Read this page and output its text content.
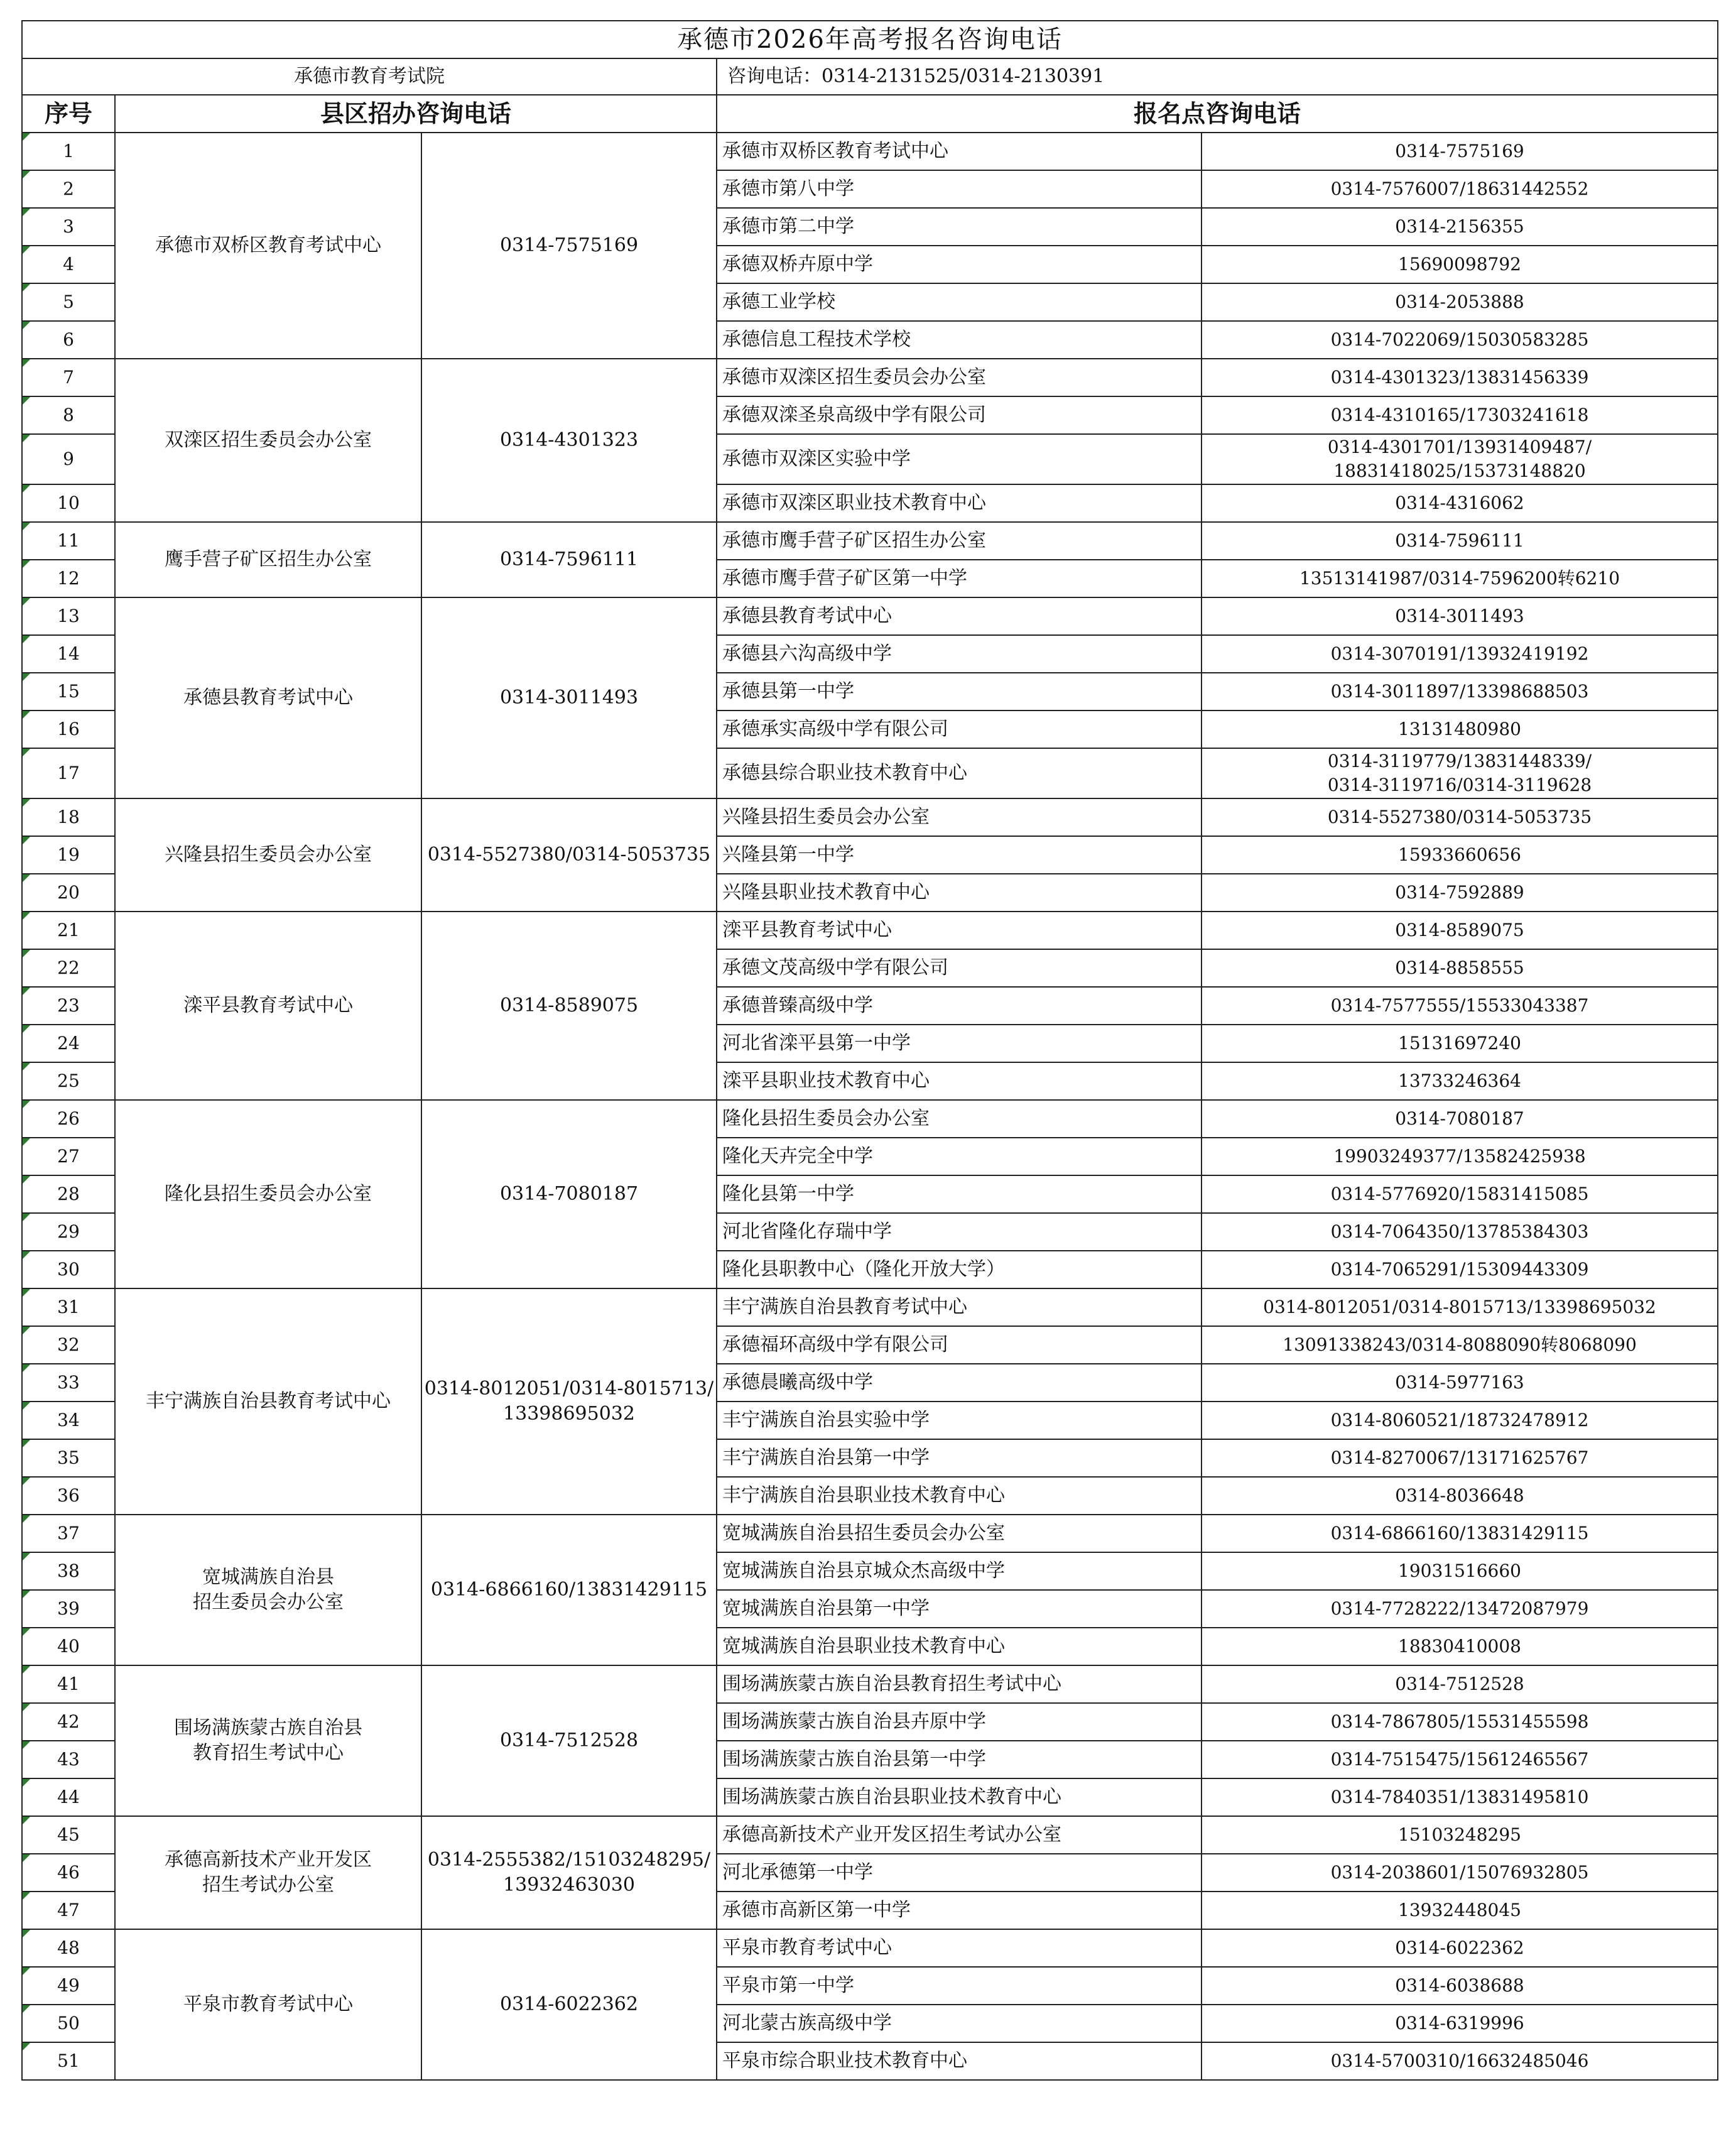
承德市2026年高考报名咨询电话				
承德市教育考试院			咨询电话：0314-2131525/0314-2130391	
序号	县区招办咨询电话		报名点咨询电话	
1	承德市双桥区教育考试中心	0314-7575169	承德市双桥区教育考试中心	0314-7575169
2			承德市第八中学	0314-7576007/18631442552
3			承德市第二中学	0314-2156355
4			承德双桥卉原中学	15690098792
5			承德工业学校	0314-2053888
6			承德信息工程技术学校	0314-7022069/15030583285
7	双滦区招生委员会办公室	0314-4301323	承德市双滦区招生委员会办公室	0314-4301323/13831456339
8			承德双滦圣泉高级中学有限公司	0314-4310165/17303241618
9			承德市双滦区实验中学	0314-4301701/13931409487/
18831418025/15373148820
10			承德市双滦区职业技术教育中心	0314-4316062
11	鹰手营子矿区招生办公室	0314-7596111	承德市鹰手营子矿区招生办公室	0314-7596111
12			承德市鹰手营子矿区第一中学	13513141987/0314-7596200转6210
13	承德县教育考试中心	0314-3011493	承德县教育考试中心	0314-3011493
14			承德县六沟高级中学	0314-3070191/13932419192
15			承德县第一中学	0314-3011897/13398688503
16			承德承实高级中学有限公司	13131480980
17			承德县综合职业技术教育中心	0314-3119779/13831448339/
0314-3119716/0314-3119628
18	兴隆县招生委员会办公室	0314-5527380/0314-5053735	兴隆县招生委员会办公室	0314-5527380/0314-5053735
19			兴隆县第一中学	15933660656
20			兴隆县职业技术教育中心	0314-7592889
21	滦平县教育考试中心	0314-8589075	滦平县教育考试中心	0314-8589075
22			承德文茂高级中学有限公司	0314-8858555
23			承德普臻高级中学	0314-7577555/15533043387
24			河北省滦平县第一中学	15131697240
25			滦平县职业技术教育中心	13733246364
26	隆化县招生委员会办公室	0314-7080187	隆化县招生委员会办公室	0314-7080187
27			隆化天卉完全中学	19903249377/13582425938
28			隆化县第一中学	0314-5776920/15831415085
29			河北省隆化存瑞中学	0314-7064350/13785384303
30			隆化县职教中心（隆化开放大学）	0314-7065291/15309443309
31	丰宁满族自治县教育考试中心	0314-8012051/0314-8015713/
13398695032	丰宁满族自治县教育考试中心	0314-8012051/0314-8015713/13398695032
32			承德福环高级中学有限公司	13091338243/0314-8088090转8068090
33			承德晨曦高级中学	0314-5977163
34			丰宁满族自治县实验中学	0314-8060521/18732478912
35			丰宁满族自治县第一中学	0314-8270067/13171625767
36			丰宁满族自治县职业技术教育中心	0314-8036648
37	宽城满族自治县
招生委员会办公室	0314-6866160/13831429115	宽城满族自治县招生委员会办公室	0314-6866160/13831429115
38			宽城满族自治县京城众杰高级中学	19031516660
39			宽城满族自治县第一中学	0314-7728222/13472087979
40			宽城满族自治县职业技术教育中心	18830410008
41	围场满族蒙古族自治县
教育招生考试中心	0314-7512528	围场满族蒙古族自治县教育招生考试中心	0314-7512528
42			围场满族蒙古族自治县卉原中学	0314-7867805/15531455598
43			围场满族蒙古族自治县第一中学	0314-7515475/15612465567
44			围场满族蒙古族自治县职业技术教育中心	0314-7840351/13831495810
45	承德高新技术产业开发区
招生考试办公室	0314-2555382/15103248295/
13932463030	承德高新技术产业开发区招生考试办公室	15103248295
46			河北承德第一中学	0314-2038601/15076932805
47			承德市高新区第一中学	13932448045
48	平泉市教育考试中心	0314-6022362	平泉市教育考试中心	0314-6022362
49			平泉市第一中学	0314-6038688
50			河北蒙古族高级中学	0314-6319996
51			平泉市综合职业技术教育中心	0314-5700310/16632485046
